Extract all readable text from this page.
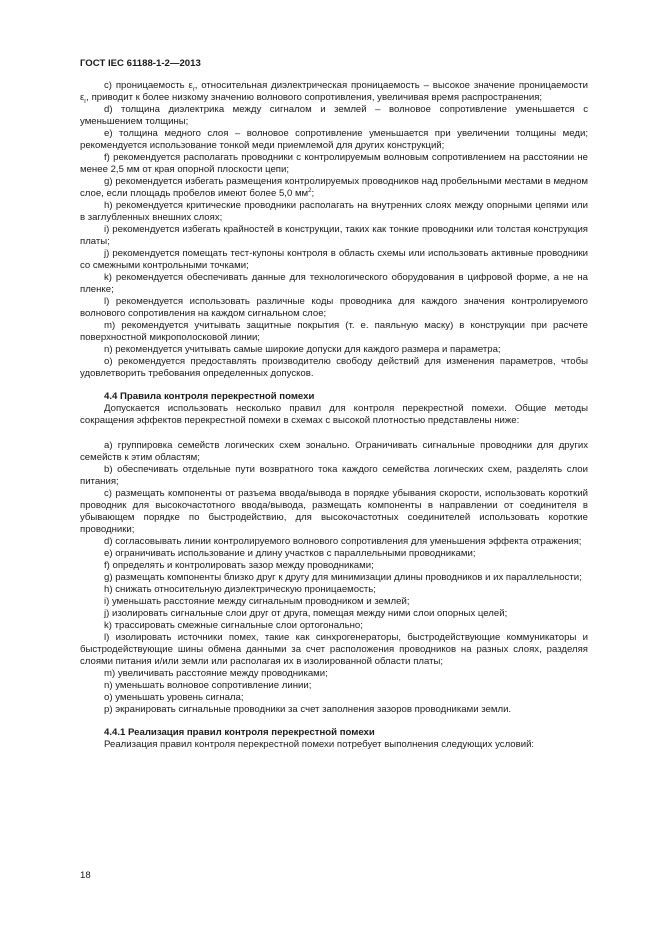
ГОСТ IEC 61188-1-2—2013

с) проницаемость $\varepsilon_r$, относительная диэлектрическая проницаемость – высокое значение проницаемости $\varepsilon_r$, приводит к более низкому значению волнового сопротивления, увеличивая время распространения;

d) толщина диэлектрика между сигналом и землей – волновое сопротивление уменьшается с уменьшением толщины;

е) толщина медного слоя – волновое сопротивление уменьшается при увеличении толщины меди; рекомендуется использование тонкой меди приемлемой для других конструкций;

f) рекомендуется располагать проводники с контролируемым волновым сопротивлением на расстоянии не менее 2,5 мм от края опорной плоскости цепи;

g) рекомендуется избегать размещения контролируемых проводников над пробельными местами в медном слое, если площадь пробелов имеют более 5,0 $мм^2$;

h) рекомендуется критические проводники располагать на внутренних слоях между опорными цепями или в заглубленных внешних слоях;

i) рекомендуется избегать крайностей в конструкции, таких как тонкие проводники или толстая конструкция платы;

j) рекомендуется помещать тест-купоны контроля в область схемы или использовать активные проводники со смежными контрольными точками;

k) рекомендуется обеспечивать данные для технологического оборудования в цифровой форме, а не на пленке;

l) рекомендуется использовать различные коды проводника для каждого значения контролируемого волнового сопротивления на каждом сигнальном слое;

m) рекомендуется учитывать защитные покрытия (т. е. паяльную маску) в конструкции при расчете поверхностной микрополосковой линии;

n) рекомендуется учитывать самые широкие допуски для каждого размера и параметра;

о) рекомендуется предоставлять производителю свободу действий для изменения параметров, чтобы удовлетворить требования определенных допусков.

4.4 Правила контроля перекрестной помехи

Допускается использовать несколько правил для контроля перекрестной помехи. Общие методы сокращения эффектов перекрестной помехи в схемах с высокой плотностью представлены ниже:

а) группировка семейств логических схем зонально. Ограничивать сигнальные проводники для других семейств к этим областям;

b) обеспечивать отдельные пути возвратного тока каждого семейства логических схем, разделять слои питания;

с) размещать компоненты от разъема ввода/вывода в порядке убывания скорости, использовать короткий проводник для высокочастотного ввода/вывода, размещать компоненты в направлении от соединителя в убывающем порядке по быстродействию, для высокочастотных соединителей использовать короткие проводники;

d) согласовывать линии контролируемого волнового сопротивления для уменьшения эффекта отражения;

е) ограничивать использование и длину участков с параллельными проводниками;

f) определять и контролировать зазор между проводниками;

g) размещать компоненты близко друг к другу для минимизации длины проводников и их параллельности;

h) снижать относительную диэлектрическую проницаемость;

i) уменьшать расстояние между сигнальным проводником и землей;

j) изолировать сигнальные слои друг от друга, помещая между ними слои опорных целей;

k) трассировать смежные сигнальные слои ортогонально;

l) изолировать источники помех, такие как синхрогенераторы, быстродействующие коммуникаторы и быстродействующие шины обмена данными за счет расположения проводников на разных слоях, разделяя слоями питания и/или земли или располагая их в изолированной области платы;

m) увеличивать расстояние между проводниками;

n) уменьшать волновое сопротивление линии;

о) уменьшать уровень сигнала;

р) экранировать сигнальные проводники за счет заполнения зазоров проводниками земли.

4.4.1 Реализация правил контроля перекрестной помехи

Реализация правил контроля перекрестной помехи потребует выполнения следующих условий:

18
